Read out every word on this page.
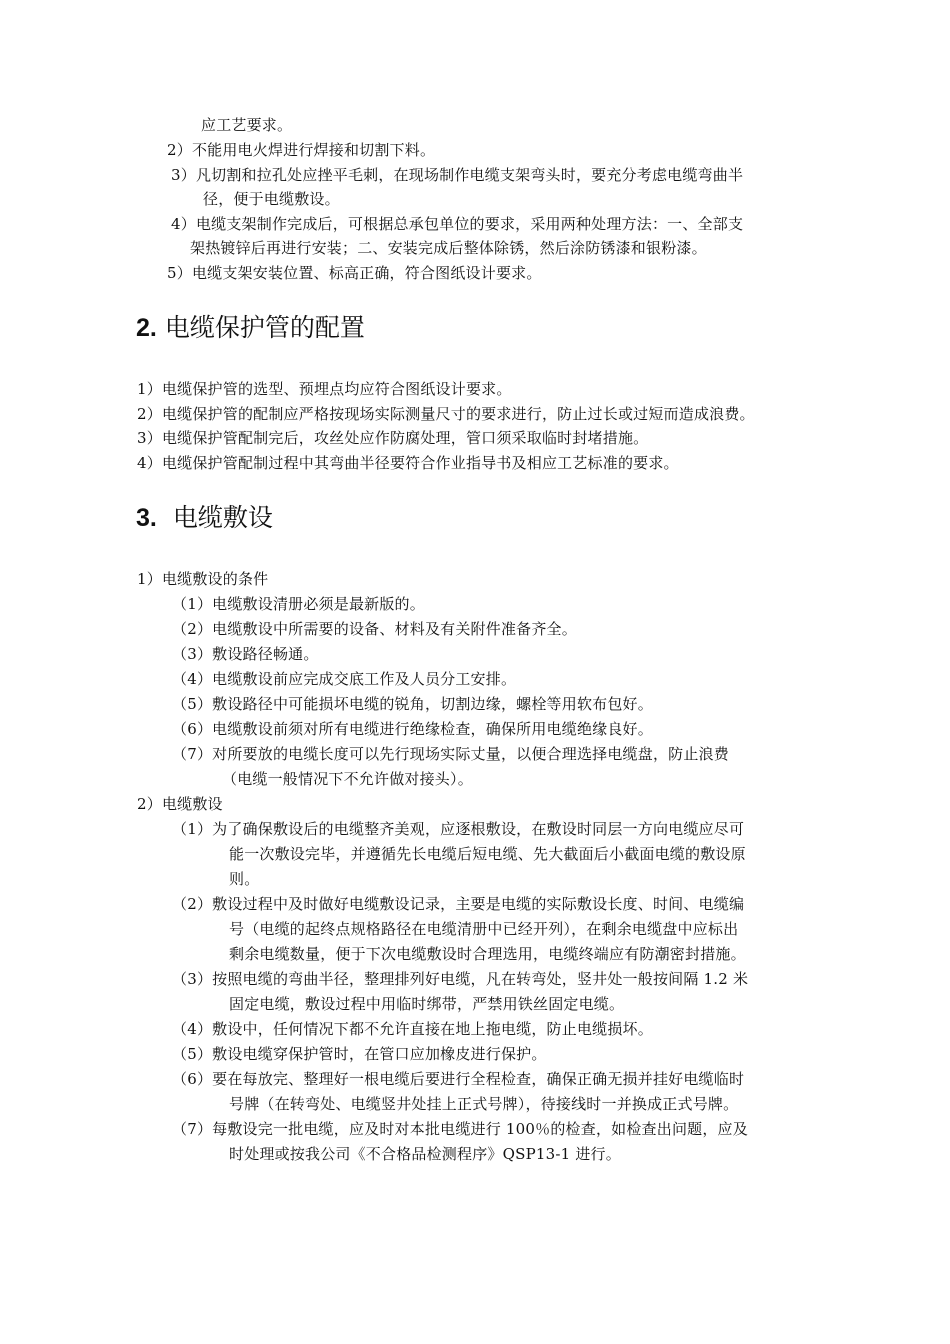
应工艺要求。
2）不能用电火焊进行焊接和切割下料。
3）凡切割和拉孔处应挫平毛刺，在现场制作电缆支架弯头时，要充分考虑电缆弯曲半
径，便于电缆敷设。
4）电缆支架制作完成后，可根据总承包单位的要求，采用两种处理方法：一、全部支
架热镀锌后再进行安装；二、安装完成后整体除锈，然后涂防锈漆和银粉漆。
5）电缆支架安装位置、标高正确，符合图纸设计要求。
2. 电缆保护管的配置
1）电缆保护管的选型、预埋点均应符合图纸设计要求。
2）电缆保护管的配制应严格按现场实际测量尺寸的要求进行，防止过长或过短而造成浪费。
3）电缆保护管配制完后，攻丝处应作防腐处理，管口须采取临时封堵措施。
4）电缆保护管配制过程中其弯曲半径要符合作业指导书及相应工艺标准的要求。
3. 电缆敷设
1）电缆敷设的条件
（1）电缆敷设清册必须是最新版的。
（2）电缆敷设中所需要的设备、材料及有关附件准备齐全。
（3）敷设路径畅通。
（4）电缆敷设前应完成交底工作及人员分工安排。
（5）敷设路径中可能损坏电缆的锐角，切割边缘，螺栓等用软布包好。
（6）电缆敷设前须对所有电缆进行绝缘检查，确保所用电缆绝缘良好。
（7）对所要放的电缆长度可以先行现场实际丈量，以便合理选择电缆盘，防止浪费
（电缆一般情况下不允许做对接头）。
2）电缆敷设
（1）为了确保敷设后的电缆整齐美观，应逐根敷设，在敷设时同层一方向电缆应尽可
能一次敷设完毕，并遵循先长电缆后短电缆、先大截面后小截面电缆的敷设原
则。
（2）敷设过程中及时做好电缆敷设记录，主要是电缆的实际敷设长度、时间、电缆编
号（电缆的起终点规格路径在电缆清册中已经开列），在剩余电缆盘中应标出
剩余电缆数量，便于下次电缆敷设时合理选用，电缆终端应有防潮密封措施。
（3）按照电缆的弯曲半径，整理排列好电缆，凡在转弯处，竖井处一般按间隔 1.2 米
固定电缆，敷设过程中用临时绑带，严禁用铁丝固定电缆。
（4）敷设中，任何情况下都不允许直接在地上拖电缆，防止电缆损坏。
（5）敷设电缆穿保护管时，在管口应加橡皮进行保护。
（6）要在每放完、整理好一根电缆后要进行全程检查，确保正确无损并挂好电缆临时
号牌（在转弯处、电缆竖井处挂上正式号牌），待接线时一并换成正式号牌。
（7）每敷设完一批电缆，应及时对本批电缆进行 100％的检查，如检查出问题，应及
时处理或按我公司《不合格品检测程序》QSP13-1 进行。
